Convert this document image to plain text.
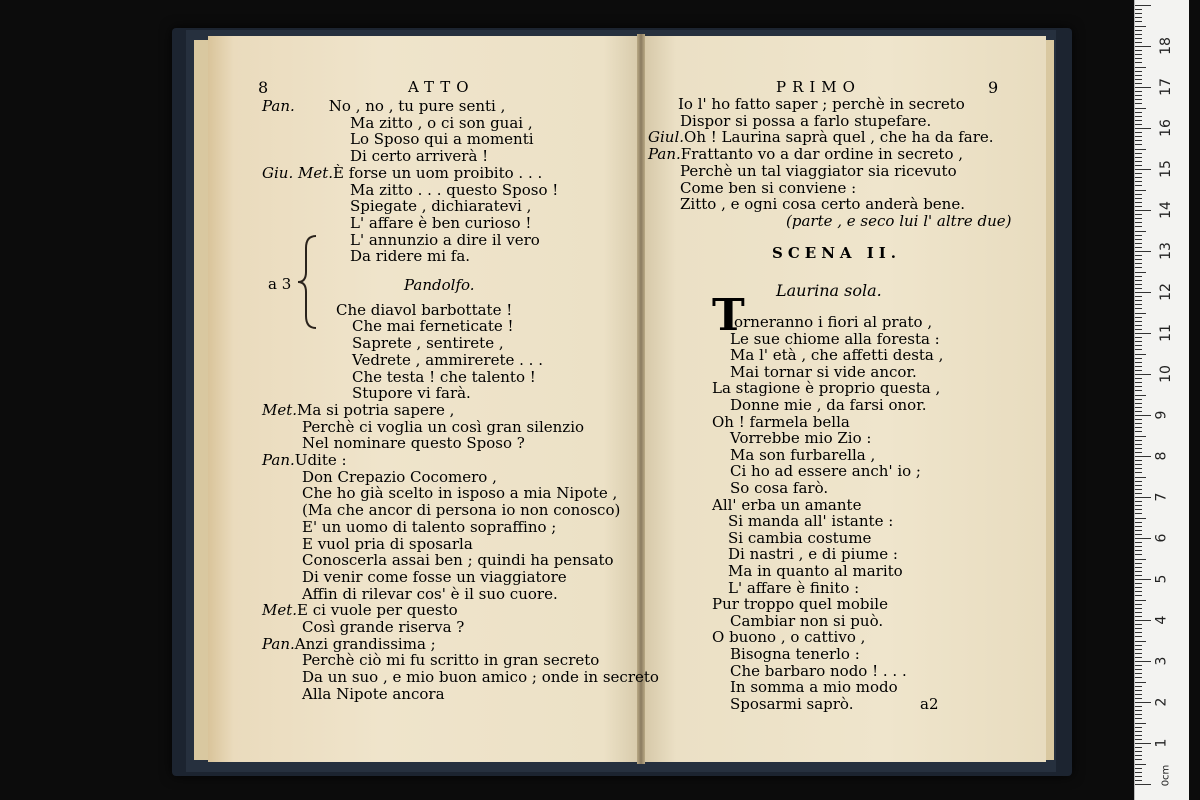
8	ATTO	PRIMO	9
Pan. No , no , tu pure senti ,
Ma zitto , o ci son guai ,
Lo Sposo qui a momenti
Di certo arriverà !
Giu. Met.È forse un uom proibito . . .
Ma zitto . . . questo Sposo !
Spiegate , dichiaratevi ,
L' affare è ben curioso !
L' annunzio a dire il vero
Da ridere mi fa.
Pandolfo.
Che diavol barbottate !
Che mai ferneticate !
Saprete , sentirete ,
Vedrete , ammirerete . . .
Che testa ! che talento !
Stupore vi farà.
Met.Ma si potria sapere ,
Perchè ci voglia un così gran silenzio
Nel nominare questo Sposo ?
Pan.Udite :
Don Crepazio Cocomero ,
Che ho già scelto in isposo a mia Nipote ,
(Ma che ancor di persona io non conosco)
E' un uomo di talento sopraffino ;
E vuol pria di sposarla
Conoscerla assai ben ; quindi ha pensato
Di venir come fosse un viaggiatore
Affin di rilevar cos' è il suo cuore.
Met.E ci vuole per questo
Così grande riserva ?
Pan.Anzi grandissima ;
Perchè ciò mi fu scritto in gran secreto
Da un suo , e mio buon amico ; onde in secreto
Alla Nipote ancora
a 3
Io l' ho fatto saper ; perchè in secreto
Dispor si possa a farlo stupefare.
Giul.Oh ! Laurina saprà quel , che ha da fare.
Pan.Frattanto vo a dar ordine in secreto ,
Perchè un tal viaggiator sia ricevuto
Come ben si conviene :
Zitto , e ogni cosa certo anderà bene.
(parte , e seco lui l' altre due)
SCENA II.
Laurina sola.
T
orneranno i fiori al prato ,
Le sue chiome alla foresta :
Ma l' età , che affetti desta ,
Mai tornar si vide ancor.
La stagione è proprio questa ,
Donne mie , da farsi onor.
Oh ! farmela bella
Vorrebbe mio Zio :
Ma son furbarella ,
Ci ho ad essere anch' io ;
So cosa farò.
All' erba un amante
Si manda all' istante :
Si cambia costume
Di nastri , e di piume :
Ma in quanto al marito
L' affare è finito :
Pur troppo quel mobile
Cambiar non si può.
O buono , o cattivo ,
Bisogna tenerlo :
Che barbaro nodo ! . . .
In somma a mio modo
Sposarmi saprò.	a2
0cm
18
17
16
15
14
13
12
11
10
9
8
7
6
5
4
3
2
1
